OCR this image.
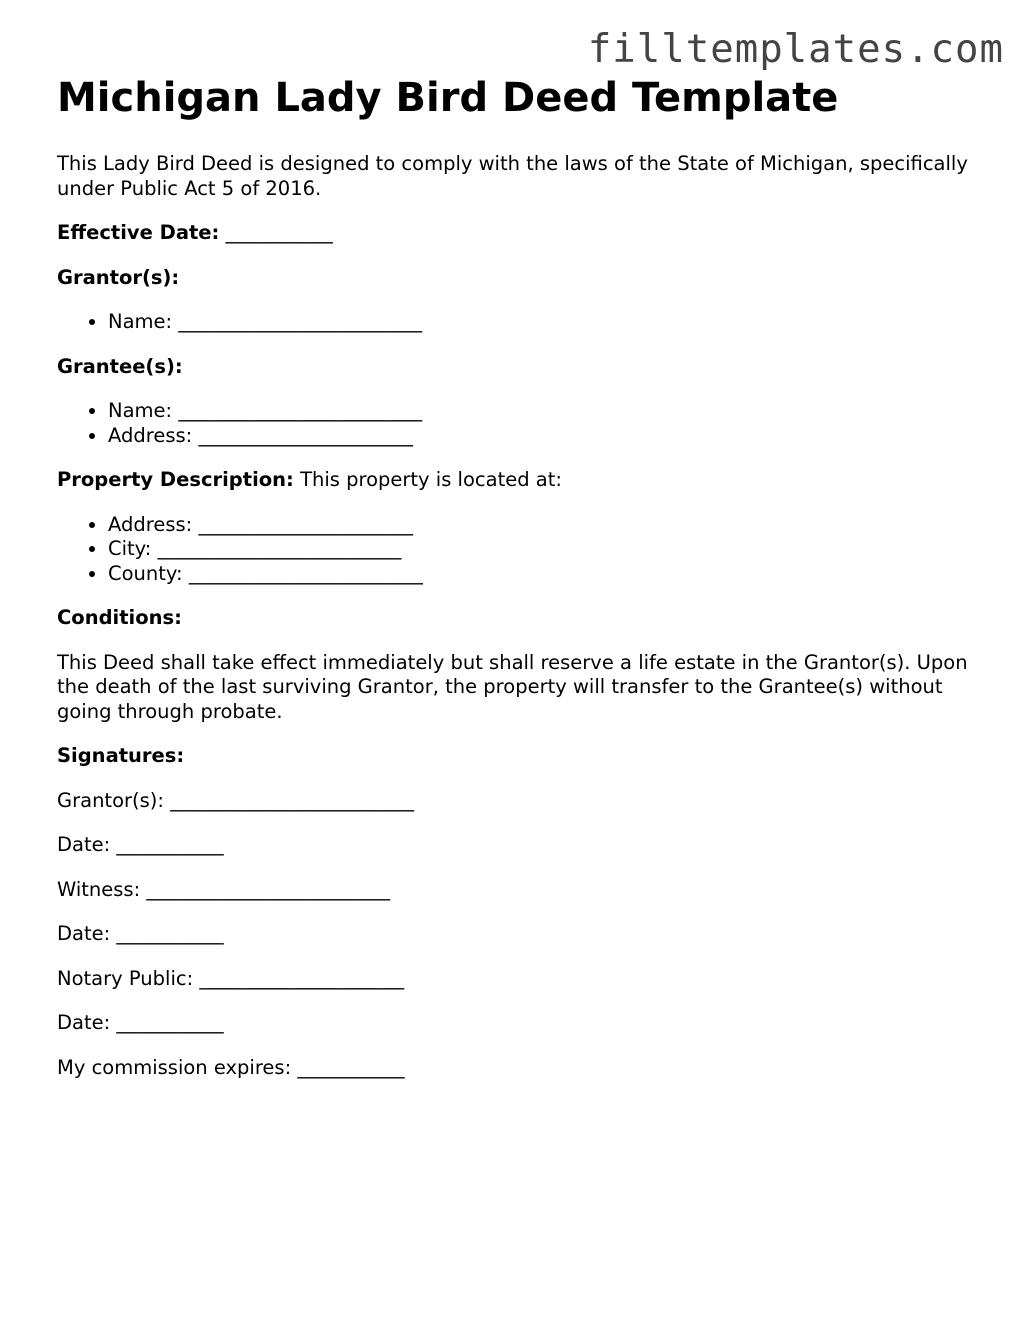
filltemplates.com
Michigan Lady Bird Deed Template

This Lady Bird Deed is designed to comply with the laws of the State of Michigan, specifically under Public Act 5 of 2016.

Effective Date: ___________

Grantor(s):

• Name: _________________________

Grantee(s):

• Name: _________________________
• Address: ______________________

Property Description: This property is located at:

• Address: ______________________
• City: _________________________
• County: ________________________

Conditions:

This Deed shall take effect immediately but shall reserve a life estate in the Grantor(s). Upon the death of the last surviving Grantor, the property will transfer to the Grantee(s) without going through probate.

Signatures:

Grantor(s): _________________________

Date: ___________

Witness: _________________________

Date: ___________

Notary Public: _____________________

Date: ___________

My commission expires: ___________
